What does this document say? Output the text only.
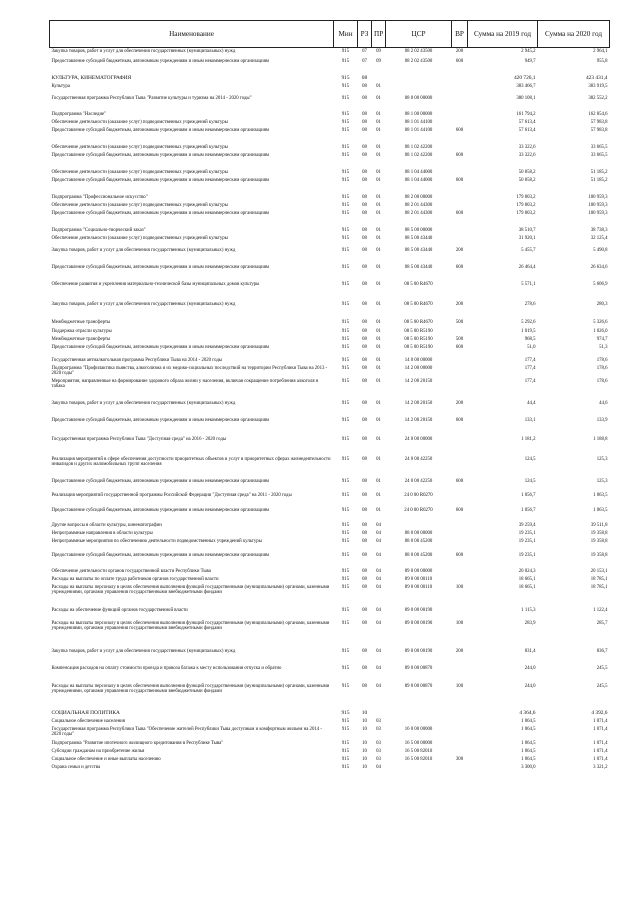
Наименование	Мин	РЗ	ПР	ЦСР	ВР	Сумма на 2019 год	Сумма на 2020 год
Закупка товаров, работ и услуг для обеспечения государственных (муниципальных) нужд	915	07	09	08 2 02 43500	200	2 945,2	2 964,1
Предоставление субсидий бюджетным, автономным учреждениям и иным некоммерческим организациям	915	07	09	08 2 02 43500	600	949,7	955,8
КУЛЬТУРА, КИНЕМАТОГРАФИЯ	915	08				420 726,1	423 431,4
Культура	915	08	01			383 466,7	383 919,5
Государственная программа Республики Тыва "Развитие культуры и туризма на 2014 - 2020 годы"	915	08	01	08 0 00 00000		380 108,1	382 552,2
Подпрограмма "Наследие"	915	08	01	08 1 00 00000		161 794,2	162 854,6
Обеспечение деятельности (оказание услуг) подведомственных учреждений культуры	915	08	01	08 1 01 44100		57 613,4	57 983,8
Предоставление субсидий бюджетным, автономным учреждениям и иным некоммерческим организациям	915	08	01	08 1 01 44100	600	57 613,4	57 983,8
Обеспечение деятельности (оказание услуг) подведомственных учреждений культуры	915	08	01	08 1 02 42200		33 322,6	33 665,5
Предоставление субсидий бюджетным, автономным учреждениям и иным некоммерческим организациям	915	08	01	08 1 02 42200	600	33 322,6	33 665,5
Обеспечение деятельности (оказание услуг) подведомственных учреждений культуры	915	08	01	08 1 04 44000		50 858,2	51 185,2
Предоставление субсидий бюджетным, автономным учреждениям и иным некоммерческим организациям	915	08	01	08 1 04 44000	600	50 858,2	51 185,2
Подпрограмма "Профессиональное искусство"	915	08	01	08 2 00 00000		179 803,2	180 959,3
Обеспечение деятельности (оказание услуг) подведомственных учреждений культуры	915	08	01	08 2 01 44300		179 803,2	180 959,3
Предоставление субсидий бюджетным, автономным учреждениям и иным некоммерческим организациям	915	08	01	08 2 01 44300	600	179 803,2	180 959,3
Подпрограмма "Социально-творческий заказ"	915	08	01	08 5 00 00000		38 510,7	38 738,3
Обеспечение деятельности (оказание услуг) подведомственных учреждений культуры	915	08	01	08 5 00 43440		31 920,1	32 125,4
Закупка товаров, работ и услуг для обеспечения государственных (муниципальных) нужд	915	08	01	08 5 00 43440	200	5 455,7	5 490,8
Предоставление субсидий бюджетным, автономным учреждениям и иным некоммерческим организациям	915	08	01	08 5 00 43440	600	26 464,4	26 634,6
Обеспечение развития и укрепления материально-технической базы муниципальных домов культуры	915	08	01	08 5 00 R4670		5 571,1	5 606,9
Закупка товаров, работ и услуг для обеспечения государственных (муниципальных) нужд	915	08	01	08 5 00 R4670	200	278,6	280,3
Межбюджетные трансферты	915	08	01	08 5 00 R4670	500	5 292,6	5 326,6
Поддержка отрасли культуры	915	08	01	08 5 00 R5190		1 019,5	1 026,0
Межбюджетные трансферты	915	08	01	08 5 00 R5190	500	968,5	974,7
Предоставление субсидий бюджетным, автономным учреждениям и иным некоммерческим организациям	915	08	01	08 5 00 R5190	600	51,0	51,3
Государственная антиалкогольная программа Республики Тыва на 2014 - 2020 годы	915	08	01	14 0 00 00000		177,4	178,6
Подпрограмма "Профилактика пьянства, алкоголизма и их медико-социальных последствий на территории Республики Тыва на 2013 - 2020 годы"	915	08	01	14 2 00 00000		177,4	178,6
Мероприятия, направленные на формирование здорового образа жизни у населения, включая сокращение потребления алкоголя и табака	915	08	01	14 2 00 20150		177,4	178,6
Закупка товаров, работ и услуг для обеспечения государственных (муниципальных) нужд	915	08	01	14 2 00 20150	200	44,4	44,6
Предоставление субсидий бюджетным, автономным учреждениям и иным некоммерческим организациям	915	08	01	14 2 00 20150	600	133,1	133,9
Государственная программа Республики Тыва "Доступная среда" на 2016 - 2020 годы	915	08	01	24 0 00 00000		1 181,2	1 188,8
Реализация мероприятий в сфере обеспечения доступности приоритетных объектов и услуг в приоритетных сферах жизнедеятельности инвалидов и других маломобильных групп населения	915	08	01	24 0 00 42250		124,5	125,3
Предоставление субсидий бюджетным, автономным учреждениям и иным некоммерческим организациям	915	08	01	24 0 00 42250	600	124,5	125,3
Реализация мероприятий государственной программы Российской Федерации "Доступная среда" на 2011 - 2020 годы	915	08	01	24 0 00 R0270		1 056,7	1 063,5
Предоставление субсидий бюджетным, автономным учреждениям и иным некоммерческим организациям	915	08	01	24 0 00 R0270	600	1 056,7	1 063,5
Другие вопросы в области культуры, кинематографии	915	08	04			39 259,4	39 511,8
Непрограммные направления в области культуры	915	08	04	88 0 00 00000		19 235,1	19 358,8
Непрограммные мероприятия по обеспечению деятельности подведомственных учреждений культуры	915	08	04	88 0 00 45200		19 235,1	19 358,8
Предоставление субсидий бюджетным, автономным учреждениям и иным некоммерческим организациям	915	08	04	88 0 00 45200	600	19 235,1	19 358,8
Обеспечение деятельности органов государственной власти Республики Тыва	915	08	04	89 0 00 00000		20 024,3	20 153,1
Расходы на выплаты по оплате труда работников органов государственной власти	915	08	04	89 0 00 00110		18 665,1	18 785,1
Расходы на выплаты персоналу в целях обеспечения выполнения функций государственными (муниципальными) органами, казенными учреждениями, органами управления государственными внебюджетными фондами	915	08	04	89 0 00 00110	100	18 665,1	18 785,1
Расходы на обеспечение функций органов государственной власти	915	08	04	89 0 00 00190		1 115,3	1 122,4
Расходы на выплаты персоналу в целях обеспечения выполнения функций государственными (муниципальными) органами, казенными учреждениями, органами управления государственными внебюджетными фондами	915	08	04	89 0 00 00190	100	283,9	285,7
Закупка товаров, работ и услуг для обеспечения государственных (муниципальных) нужд	915	08	04	89 0 00 00190	200	831,4	836,7
Компенсация расходов на оплату стоимости проезда и провоза багажа к месту использования отпуска и обратно	915	08	04	89 0 00 00870		244,0	245,5
Расходы на выплаты персоналу в целях обеспечения выполнения функций государственными (муниципальными) органами, казенными учреждениями, органами управления государственными внебюджетными фондами	915	08	04	89 0 00 00870	100	244,0	245,5
СОЦИАЛЬНАЯ ПОЛИТИКА	915	10				4 364,6	4 392,6
Социальное обеспечение населения	915	10	03			1 064,5	1 071,4
Государственная программа Республики Тыва "Обеспечение жителей Республики Тыва доступным и комфортным жильем на 2014 - 2020 годы"	915	10	03	16 0 00 00000		1 064,5	1 071,4
Подпрограмма "Развитие ипотечного жилищного кредитования в Республике Тыва"	915	10	03	16 5 00 00000		1 064,5	1 071,4
Субсидии гражданам на приобретение жилья	915	10	03	16 5 00 82010		1 064,5	1 071,4
Социальное обеспечение и иные выплаты населению	915	10	03	16 5 00 82010	300	1 064,5	1 071,4
Охрана семьи и детства	915	10	04			3 300,0	3 321,2
